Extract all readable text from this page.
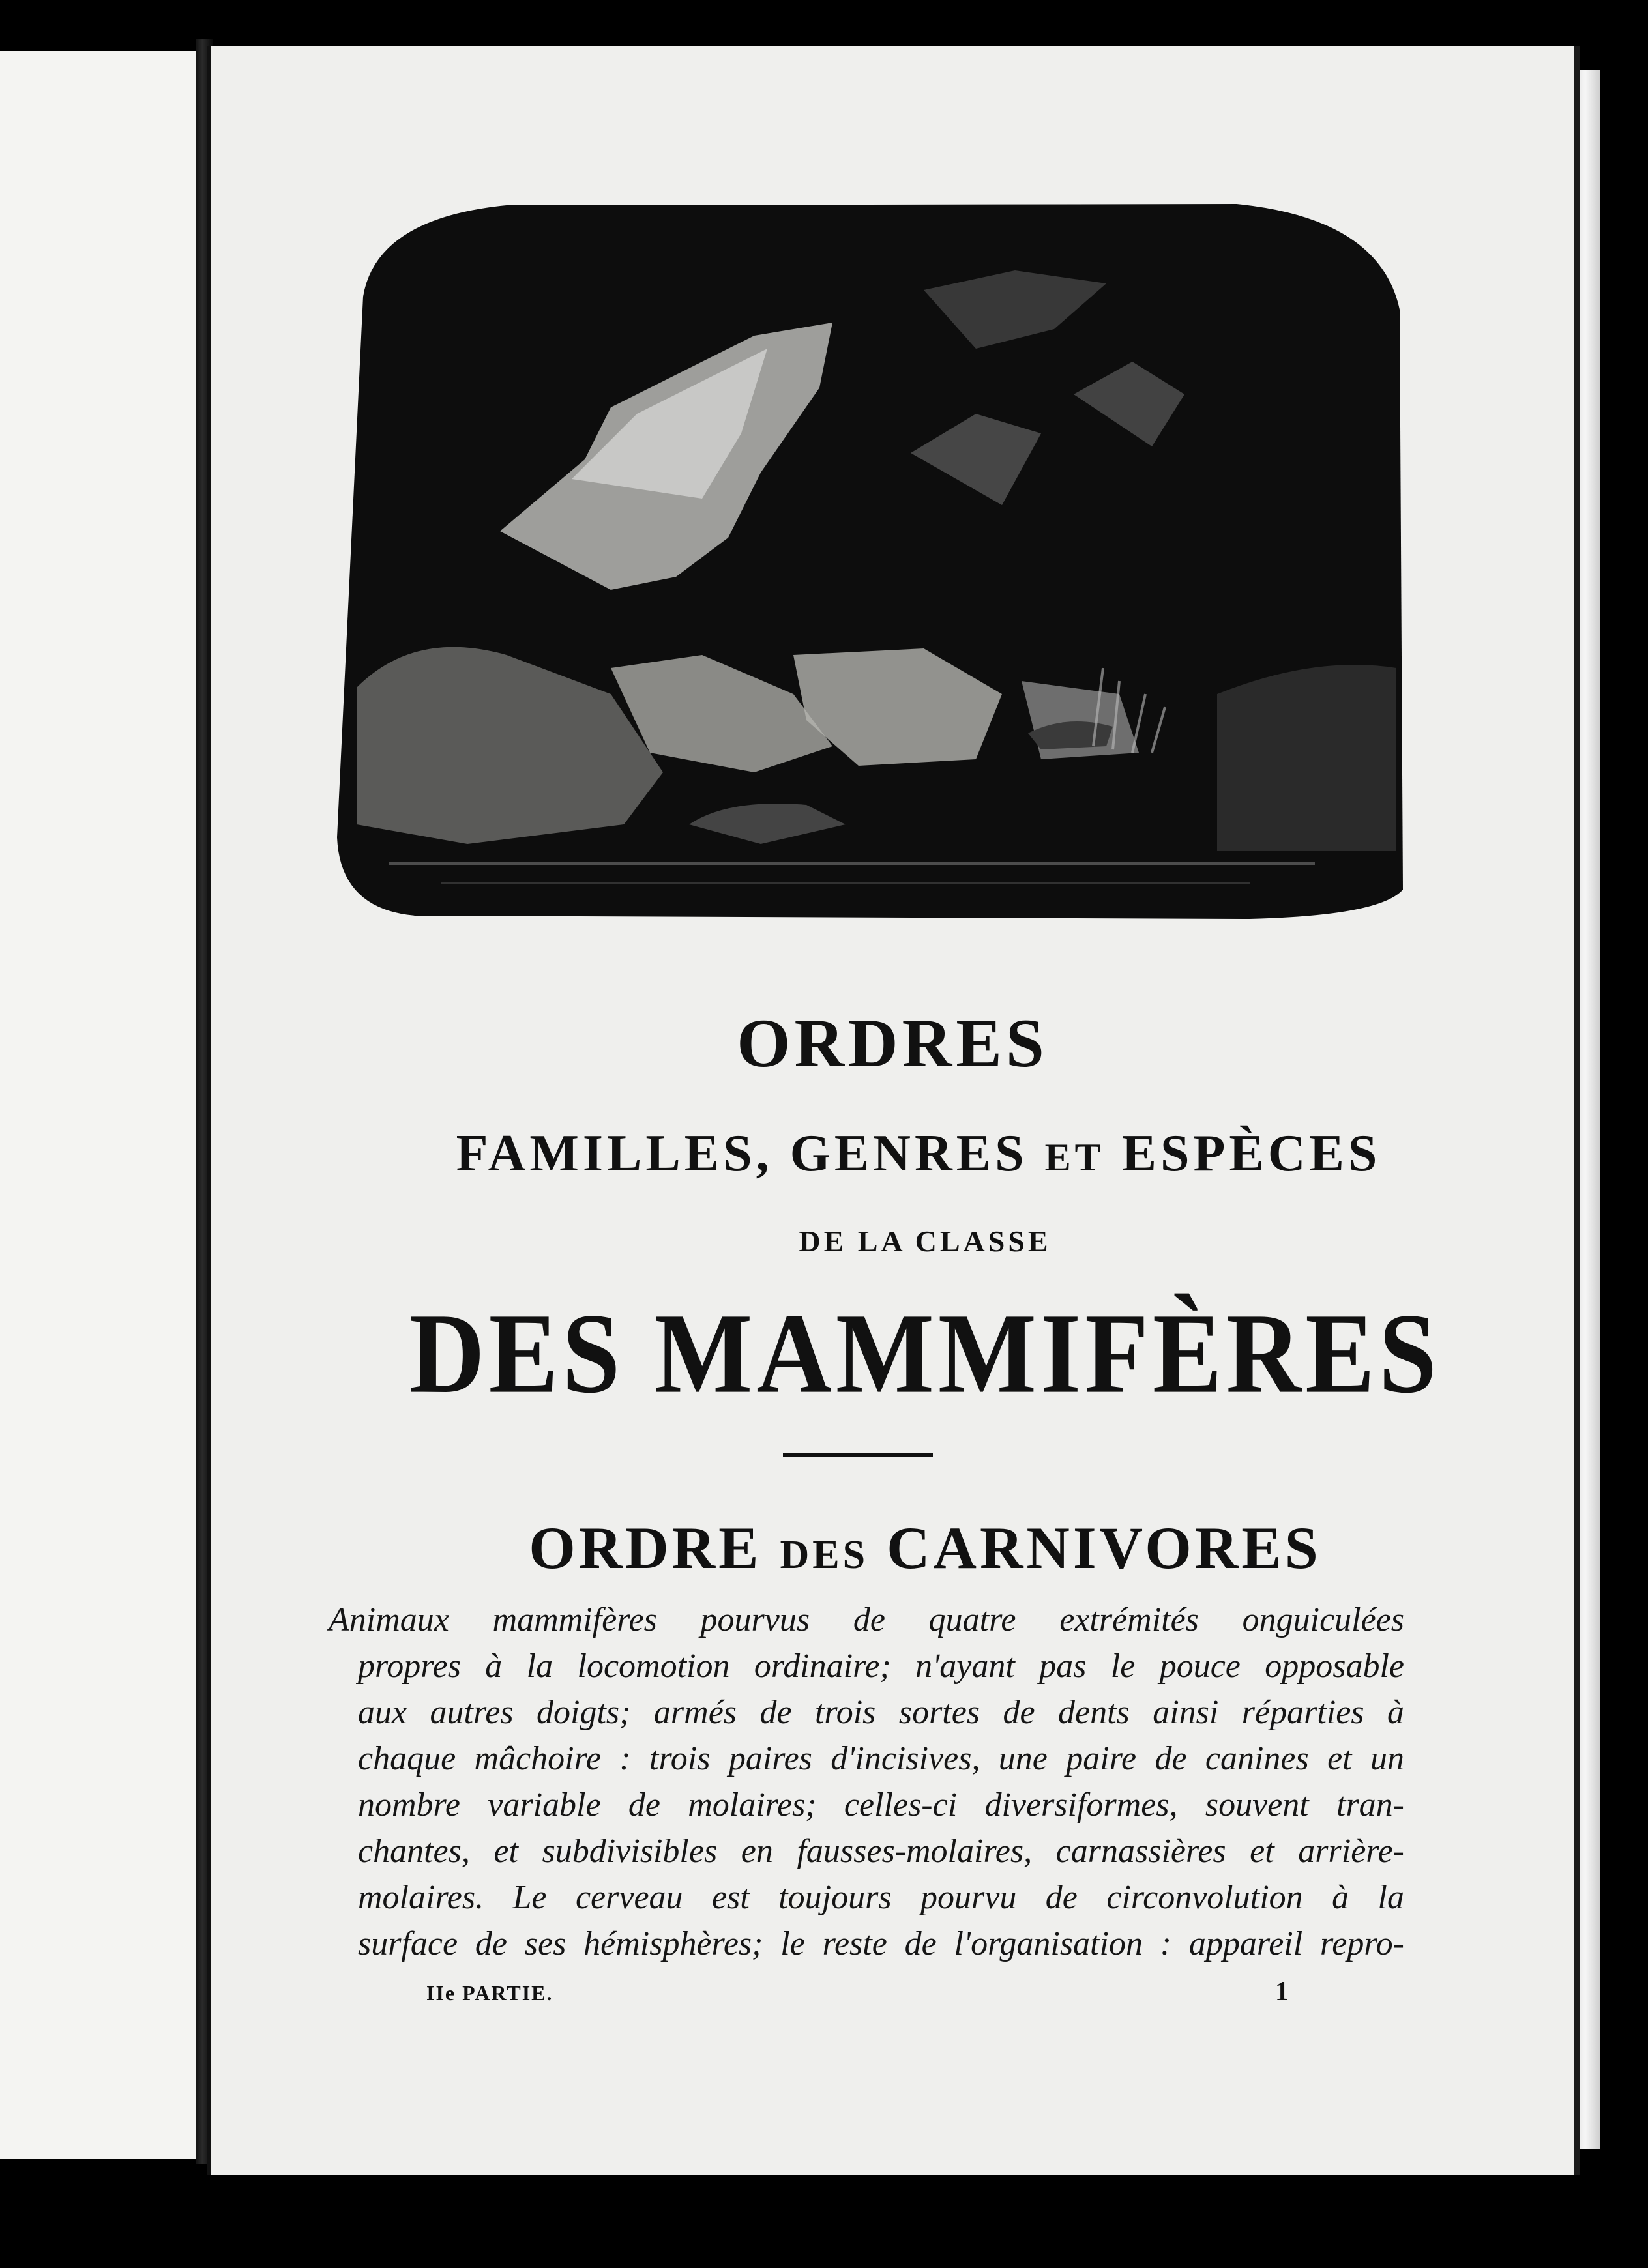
ORDRES
FAMILLES, GENRES ET ESPÈCES
DE LA CLASSE
DES MAMMIFÈRES
ORDRE DES CARNIVORES
Animaux mammifères pourvus de quatre extrémités onguiculées
propres à la locomotion ordinaire; n'ayant pas le pouce opposable
aux autres doigts; armés de trois sortes de dents ainsi réparties à
chaque mâchoire : trois paires d'incisives, une paire de canines et un
nombre variable de molaires; celles-ci diversiformes, souvent tran-
chantes, et subdivisibles en fausses-molaires, carnassières et arrière-
molaires. Le cerveau est toujours pourvu de circonvolution à la
surface de ses hémisphères; le reste de l'organisation : appareil repro-
IIe PARTIE.	1
